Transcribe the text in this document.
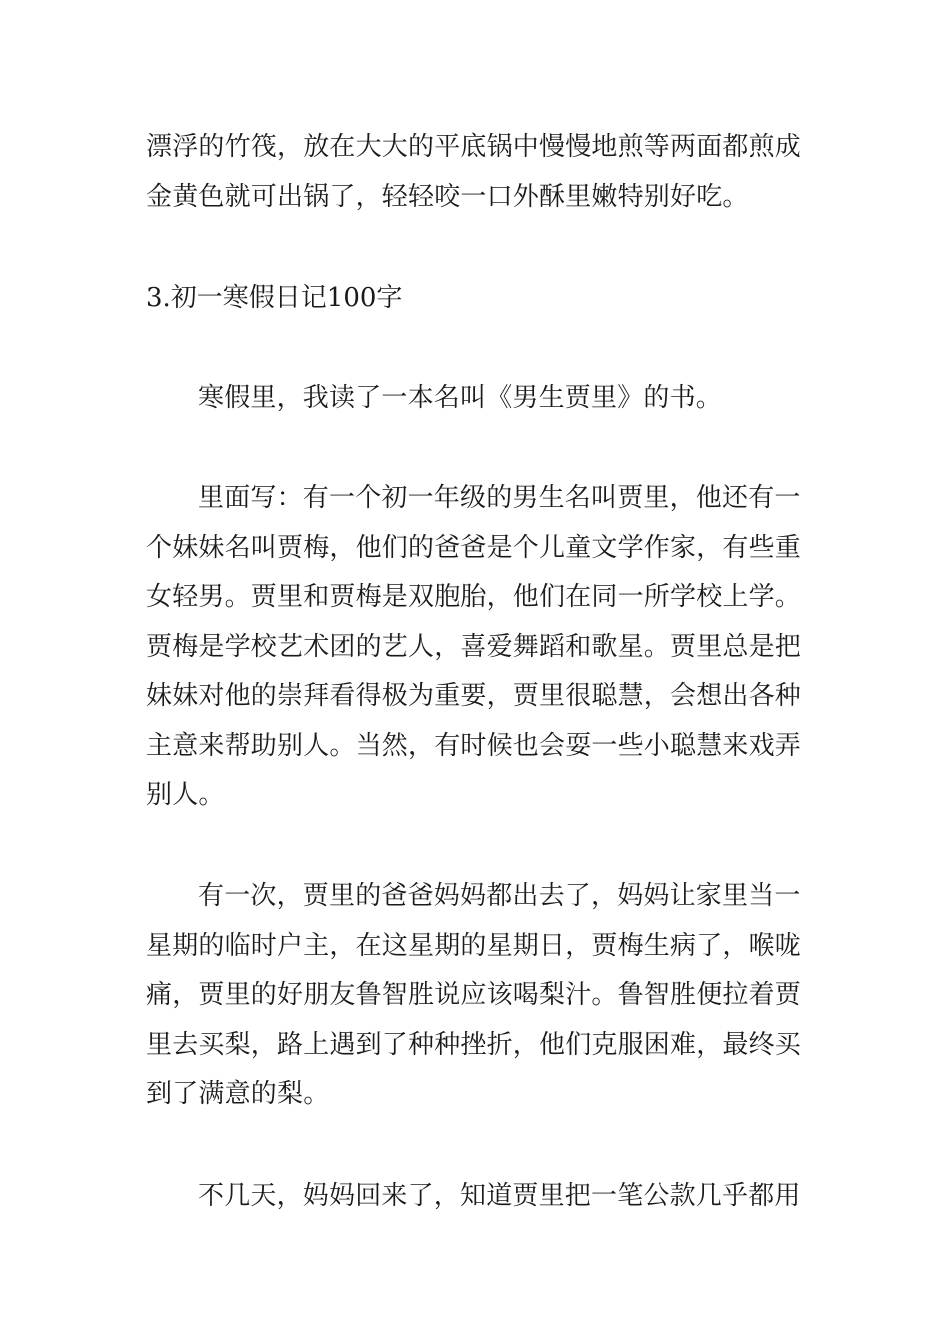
漂浮的竹筏，放在大大的平底锅中慢慢地煎等两面都煎成
金黄色就可出锅了，轻轻咬一口外酥里嫩特别好吃。
3.初一寒假日记100字
寒假里，我读了一本名叫《男生贾里》的书。
里面写：有一个初一年级的男生名叫贾里，他还有一
个妹妹名叫贾梅，他们的爸爸是个儿童文学作家，有些重
女轻男。贾里和贾梅是双胞胎，他们在同一所学校上学。
贾梅是学校艺术团的艺人，喜爱舞蹈和歌星。贾里总是把
妹妹对他的崇拜看得极为重要，贾里很聪慧，会想出各种
主意来帮助别人。当然，有时候也会耍一些小聪慧来戏弄
别人。
有一次，贾里的爸爸妈妈都出去了，妈妈让家里当一
星期的临时户主，在这星期的星期日，贾梅生病了，喉咙
痛，贾里的好朋友鲁智胜说应该喝梨汁。鲁智胜便拉着贾
里去买梨，路上遇到了种种挫折，他们克服困难，最终买
到了满意的梨。
不几天，妈妈回来了，知道贾里把一笔公款几乎都用
